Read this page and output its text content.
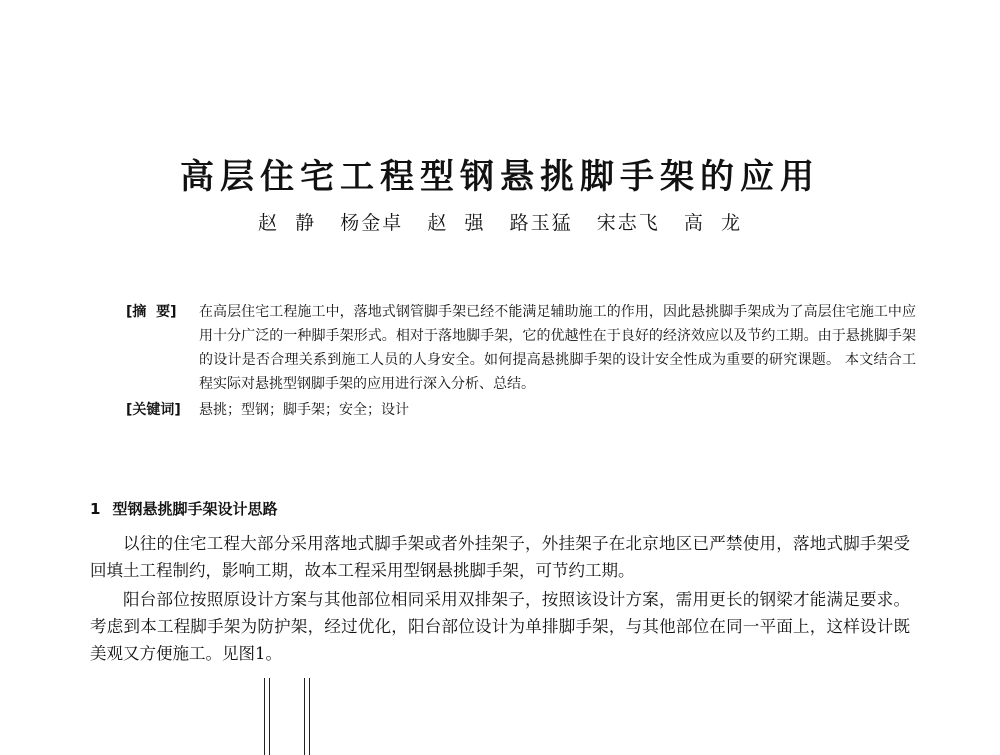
高层住宅工程型钢悬挑脚手架的应用
赵  静 杨金卓 赵  强 路玉猛 宋志飞 高  龙
[摘  要]	在高层住宅工程施工中，落地式钢管脚手架已经不能满足辅助施工的作用，因此悬挑脚手架成为了高层住宅施工中应用十分广泛的一种脚手架形式。相对于落地脚手架，它的优越性在于良好的经济效应以及节约工期。由于悬挑脚手架的设计是否合理关系到施工人员的人身安全。如何提高悬挑脚手架的设计安全性成为重要的研究课题。 本文结合工程实际对悬挑型钢脚手架的应用进行深入分析、总结。
[关键词]	悬挑；型钢；脚手架；安全；设计
1 型钢悬挑脚手架设计思路

以往的住宅工程大部分采用落地式脚手架或者外挂架子，外挂架子在北京地区已严禁使用，落地式脚手架受回填土工程制约，影响工期，故本工程采用型钢悬挑脚手架，可节约工期。

阳台部位按照原设计方案与其他部位相同采用双排架子，按照该设计方案，需用更长的钢梁才能满足要求。考虑到本工程脚手架为防护架，经过优化，阳台部位设计为单排脚手架，与其他部位在同一平面上，这样设计既美观又方便施工。见图1。
